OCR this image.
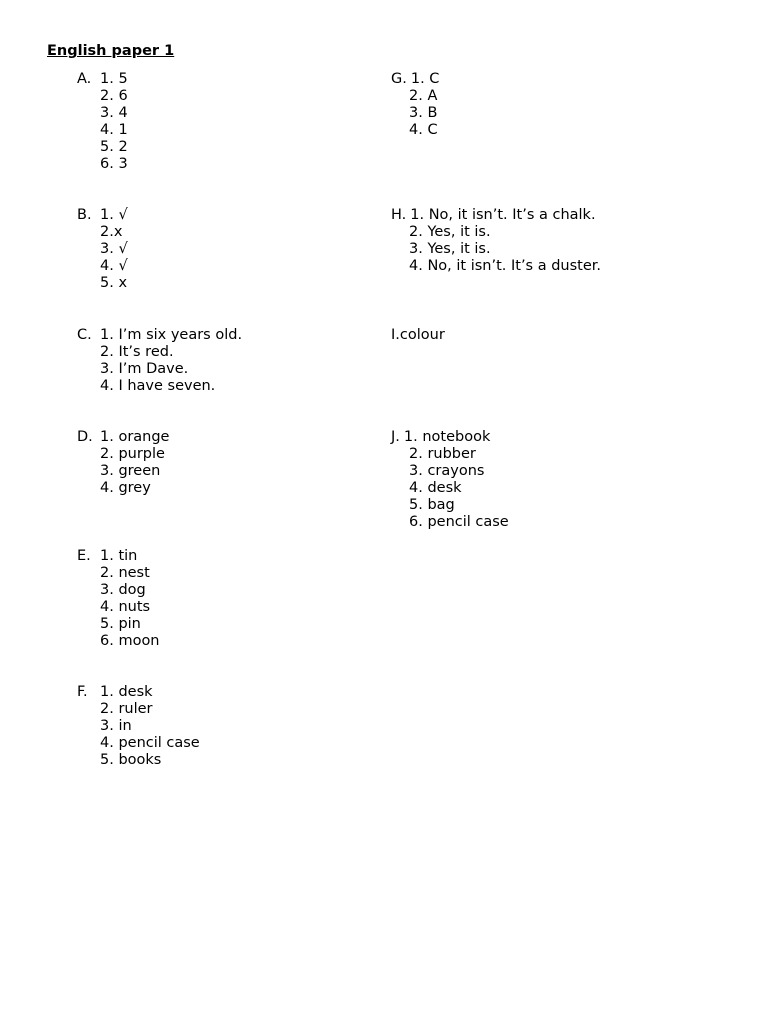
English paper 1
A. 1. 5
2. 6
3. 4
4. 1
5. 2
6. 3
B. 1. √
2.x
3. √
4. √
5. x
C. 1. I’m six years old.
2. It’s red.
3. I’m Dave.
4. I have seven.
D. 1. orange
2. purple
3. green
4. grey
E. 1. tin
2. nest
3. dog
4. nuts
5. pin
6. moon
F. 1. desk
2. ruler
3. in
4. pencil case
5. books
G. 1. C
2. A
3. B
4. C
H. 1. No, it isn’t. It’s a chalk.
2. Yes, it is.
3. Yes, it is.
4. No, it isn’t. It’s a duster.
I. colour
J. 1. notebook
2. rubber
3. crayons
4. desk
5. bag
6. pencil case
